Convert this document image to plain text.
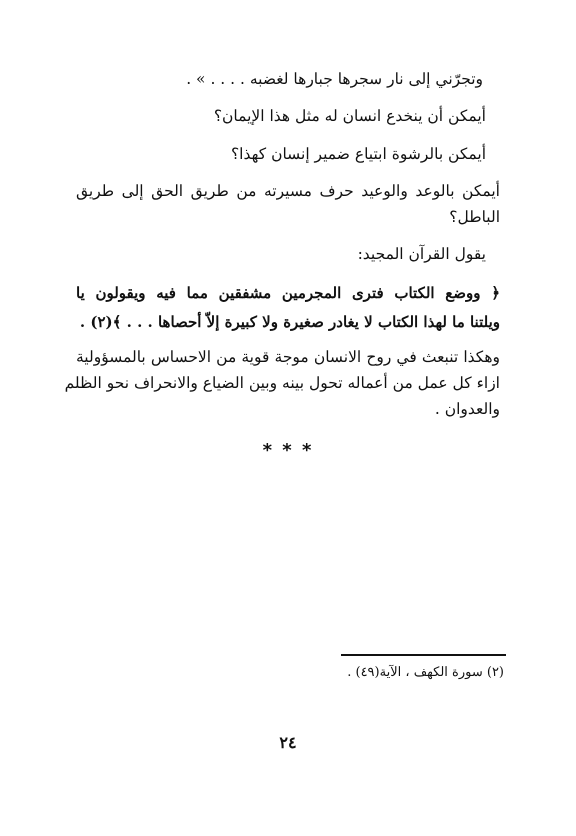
وتجرّني إلى نار سجرها جبارها لغضبه . . . . » .
أيمكن أن ينخدع انسان له مثل هذا الإيمان؟
أيمكن بالرشوة ابتياع ضمير إنسان كهذا؟
أيمكن بالوعد والوعيد حرف مسيرته من طريق الحق إلى طريق
الباطل؟
يقول القرآن المجيد:
﴿ ووضع الكتاب فترى المجرمين مشفقين مما فيه ويقولون يا
ويلتنا ما لهذا الكتاب لا يغادر صغيرة ولا كبيرة إلاّ أحصاها . . . ﴾(٢) .
وهكذا تنبعث في روح الانسان موجة قوية من الاحساس بالمسؤولية
ازاء كل عمل من أعماله تحول بينه وبين الضياع والانحراف نحو الظلم
والعدوان .
* * *
(٢) سورة الكهف ، الآية(٤٩) .
٢٤
